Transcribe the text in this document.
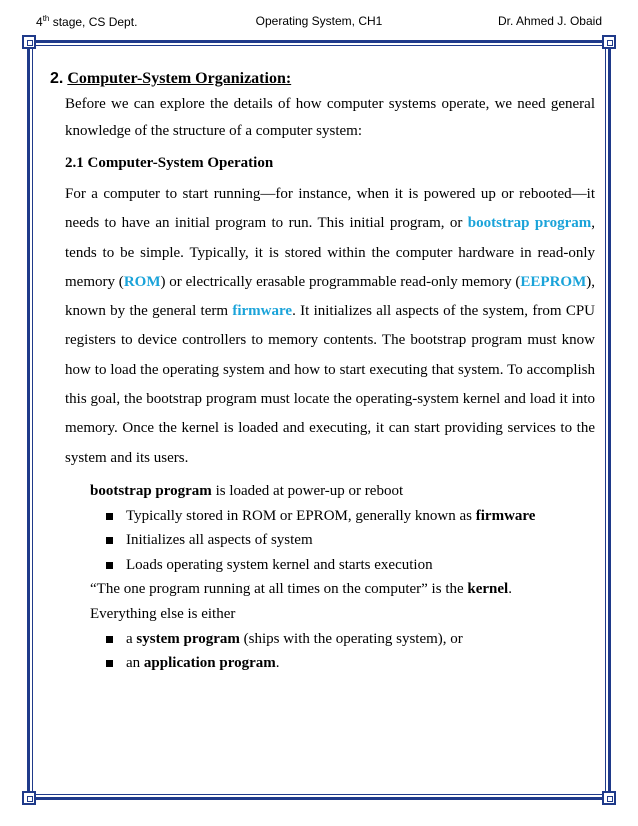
4th stage, CS Dept.	Operating System, CH1	Dr. Ahmed J. Obaid

2. Computer-System Organization:

Before we can explore the details of how computer systems operate, we need general knowledge of the structure of a computer system:

2.1 Computer-System Operation

For a computer to start running—for instance, when it is powered up or rebooted—it needs to have an initial program to run. This initial program, or bootstrap program, tends to be simple. Typically, it is stored within the computer hardware in read-only memory (ROM) or electrically erasable programmable read-only memory (EEPROM), known by the general term firmware. It initializes all aspects of the system, from CPU registers to device controllers to memory contents. The bootstrap program must know how to load the operating system and how to start executing that system. To accomplish this goal, the bootstrap program must locate the operating-system kernel and load it into memory. Once the kernel is loaded and executing, it can start providing services to the system and its users.

bootstrap program is loaded at power-up or reboot
Typically stored in ROM or EPROM, generally known as firmware
Initializes all aspects of system
Loads operating system kernel and starts execution
“The one program running at all times on the computer” is the kernel.
Everything else is either
a system program (ships with the operating system), or
an application program.
